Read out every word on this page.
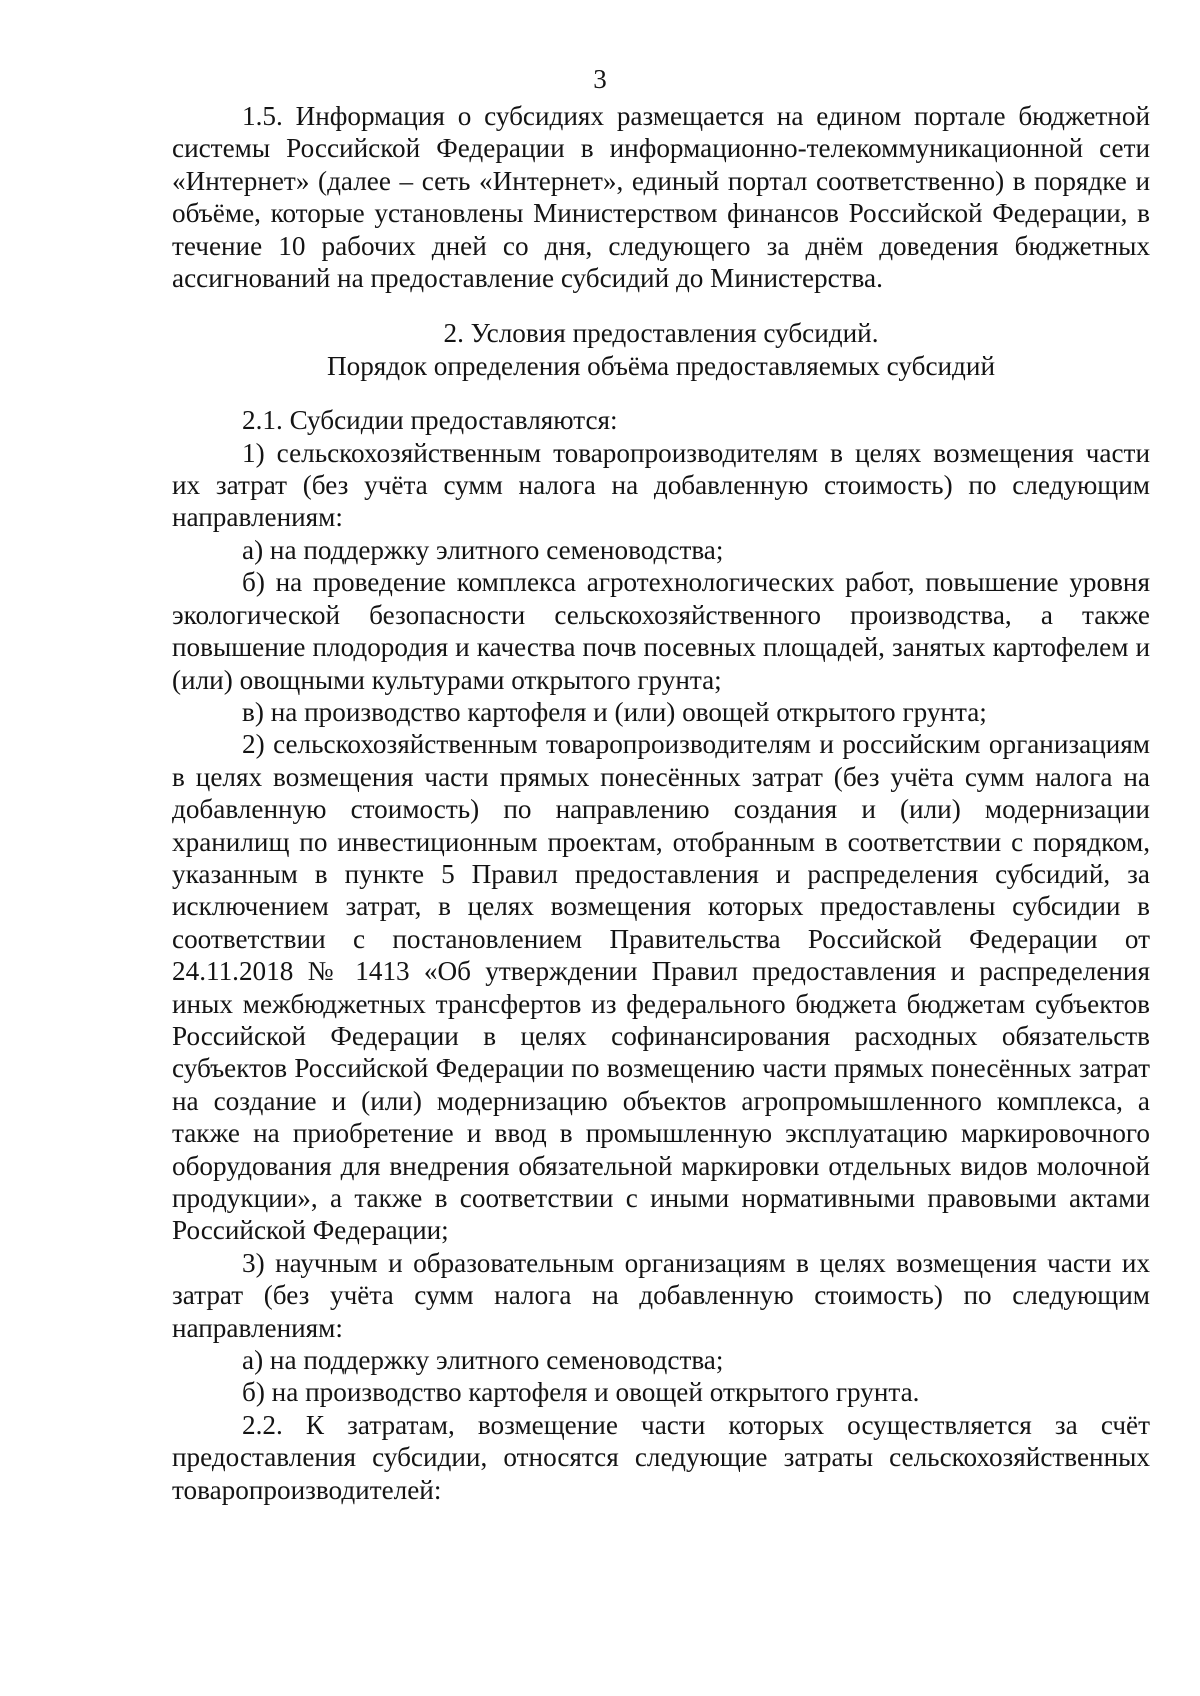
3

1.5. Информация о субсидиях размещается на едином портале бюджетной системы Российской Федерации в информационно-телекоммуникационной сети «Интернет» (далее – сеть «Интернет», единый портал соответственно) в порядке и объёме, которые установлены Министерством финансов Российской Федерации, в течение 10 рабочих дней со дня, следующего за днём доведения бюджетных ассигнований на предоставление субсидий до Министерства.

2. Условия предоставления субсидий.
Порядок определения объёма предоставляемых субсидий

2.1. Субсидии предоставляются:

1) сельскохозяйственным товаропроизводителям в целях возмещения части их затрат (без учёта сумм налога на добавленную стоимость) по следующим направлениям:

а) на поддержку элитного семеноводства;

б) на проведение комплекса агротехнологических работ, повышение уровня экологической безопасности сельскохозяйственного производства, а также повышение плодородия и качества почв посевных площадей, занятых картофелем и (или) овощными культурами открытого грунта;

в) на производство картофеля и (или) овощей открытого грунта;

2) сельскохозяйственным товаропроизводителям и российским организациям в целях возмещения части прямых понесённых затрат (без учёта сумм налога на добавленную стоимость) по направлению создания и (или) модернизации хранилищ по инвестиционным проектам, отобранным в соответствии с порядком, указанным в пункте 5 Правил предоставления и распределения субсидий, за исключением затрат, в целях возмещения которых предоставлены субсидии в соответствии с постановлением Правительства Российской Федерации от 24.11.2018 № 1413 «Об утверждении Правил предоставления и распределения иных межбюджетных трансфертов из федерального бюджета бюджетам субъектов Российской Федерации в целях софинансирования расходных обязательств субъектов Российской Федерации по возмещению части прямых понесённых затрат на создание и (или) модернизацию объектов агропромышленного комплекса, а также на приобретение и ввод в промышленную эксплуатацию маркировочного оборудования для внедрения обязательной маркировки отдельных видов молочной продукции», а также в соответствии с иными нормативными правовыми актами Российской Федерации;

3) научным и образовательным организациям в целях возмещения части их затрат (без учёта сумм налога на добавленную стоимость) по следующим направлениям:

а) на поддержку элитного семеноводства;

б) на производство картофеля и овощей открытого грунта.

2.2. К затратам, возмещение части которых осуществляется за счёт предоставления субсидии, относятся следующие затраты сельскохозяйственных товаропроизводителей:
